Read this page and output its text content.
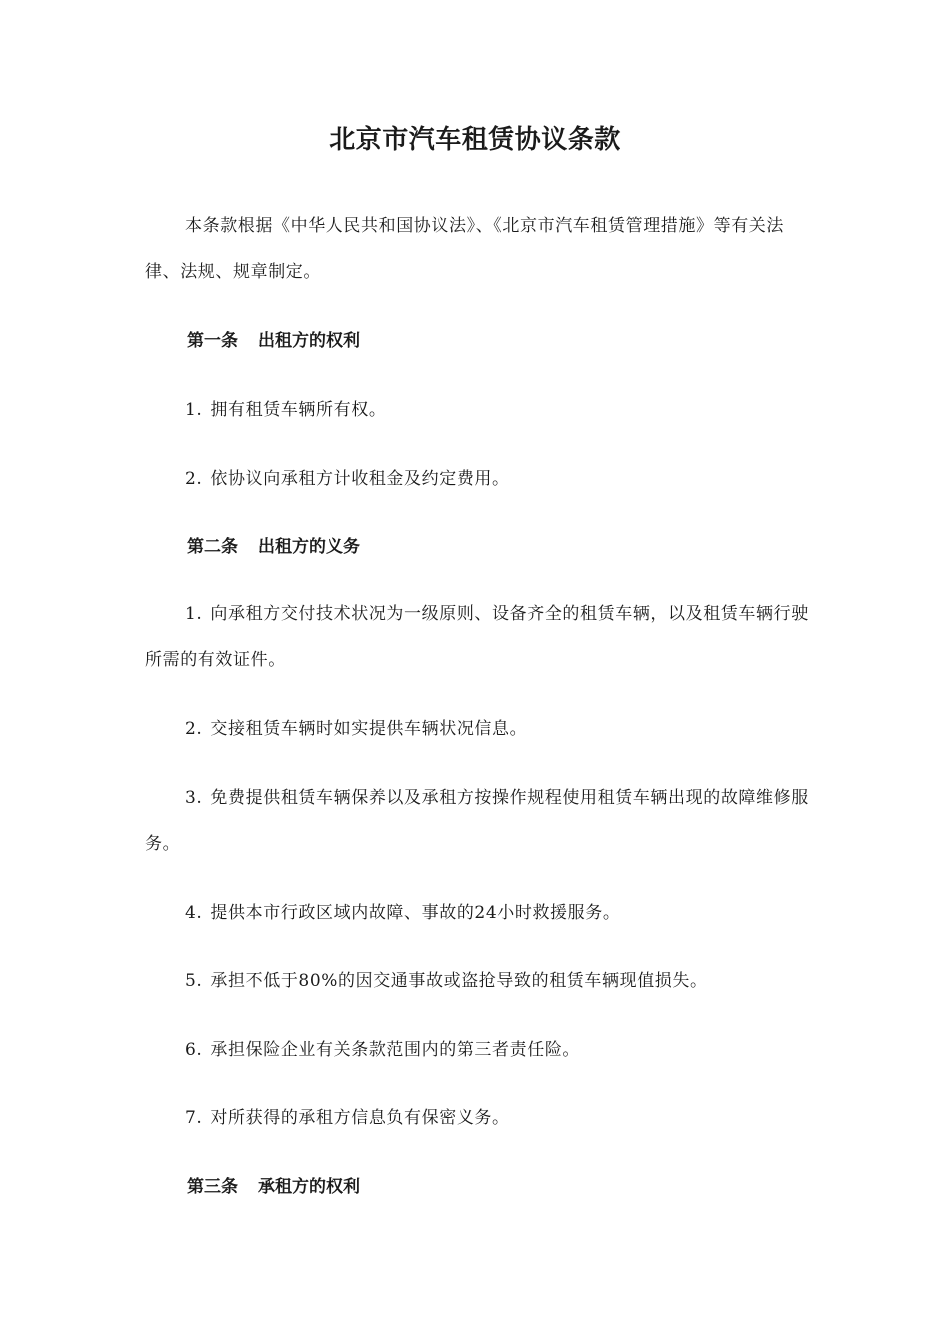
北京市汽车租赁协议条款

本条款根据《中华人民共和国协议法》、《北京市汽车租赁管理措施》等有关法律、法规、规章制定。

第一条 出租方的权利

1. 拥有租赁车辆所有权。

2. 依协议向承租方计收租金及约定费用。

第二条 出租方的义务

1. 向承租方交付技术状况为一级原则、设备齐全的租赁车辆，以及租赁车辆行驶所需的有效证件。

2. 交接租赁车辆时如实提供车辆状况信息。

3. 免费提供租赁车辆保养以及承租方按操作规程使用租赁车辆出现的故障维修服务。

4. 提供本市行政区域内故障、事故的24小时救援服务。

5. 承担不低于80%的因交通事故或盗抢导致的租赁车辆现值损失。

6. 承担保险企业有关条款范围内的第三者责任险。

7. 对所获得的承租方信息负有保密义务。

第三条 承租方的权利
